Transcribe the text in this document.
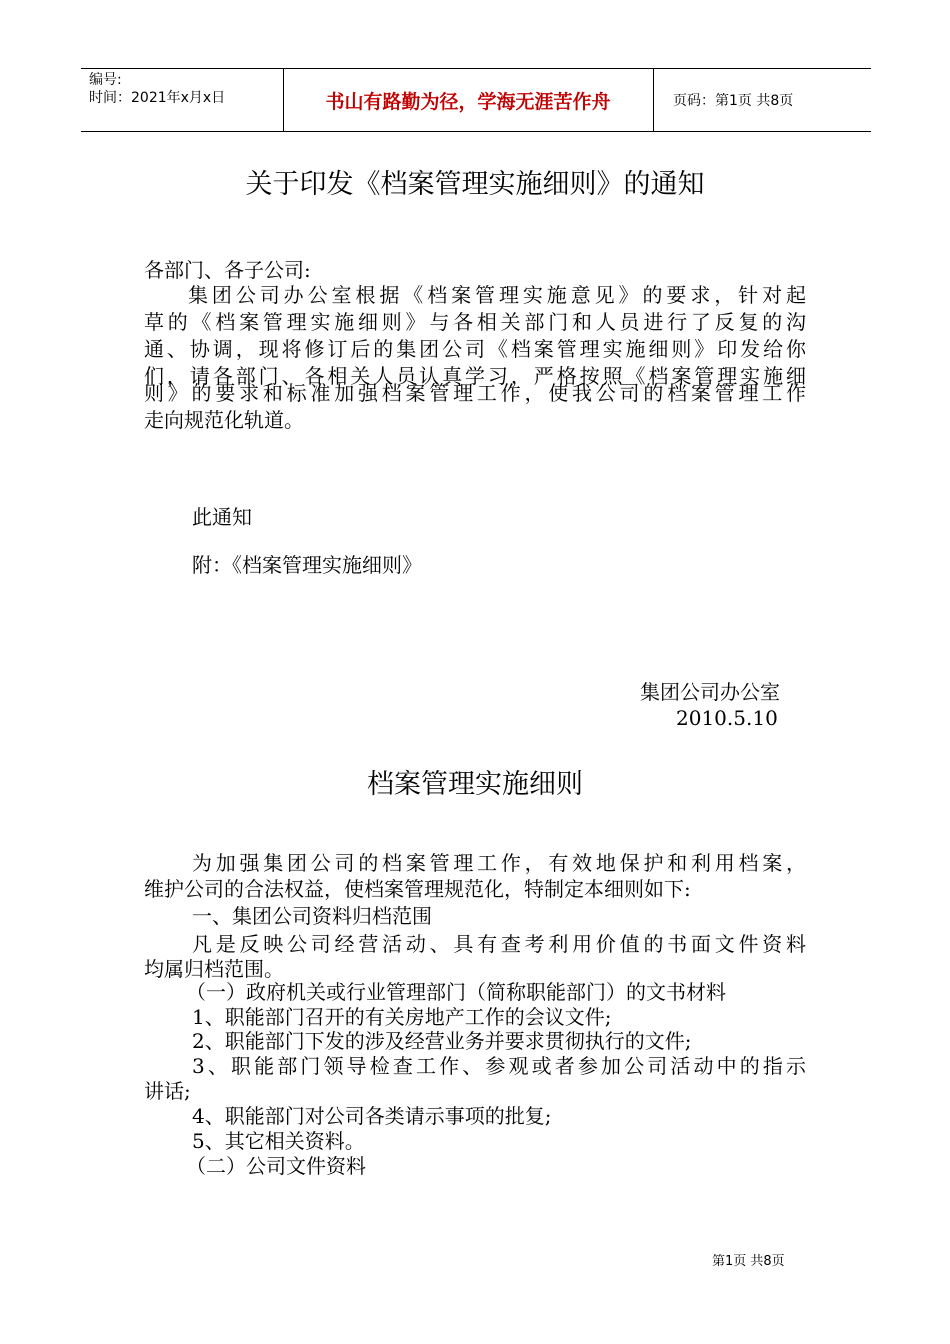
编号:
时间：2021年x月x日	书山有路勤为径，学海无涯苦作舟	页码：第1页 共8页
关于印发《档案管理实施细则》的通知
各部门、各子公司:
集团公司办公室根据《档案管理实施意见》的要求，针对起
草的《档案管理实施细则》与各相关部门和人员进行了反复的沟
通、协调，现将修订后的集团公司《档案管理实施细则》印发给你
们，请各部门、各相关人员认真学习，严格按照《档案管理实施细
则》的要求和标准加强档案管理工作，使我公司的档案管理工作
走向规范化轨道。
此通知
附：《档案管理实施细则》
集团公司办公室
2010.5.10
档案管理实施细则
为加强集团公司的档案管理工作，有效地保护和利用档案，
维护公司的合法权益，使档案管理规范化，特制定本细则如下:
一、集团公司资料归档范围
凡是反映公司经营活动、具有查考利用价值的书面文件资料
均属归档范围。
（一）政府机关或行业管理部门（简称职能部门）的文书材料
1、职能部门召开的有关房地产工作的会议文件;
2、职能部门下发的涉及经营业务并要求贯彻执行的文件;
3、职能部门领导检查工作、参观或者参加公司活动中的指示
讲话;
4、职能部门对公司各类请示事项的批复;
5、其它相关资料。
（二）公司文件资料
第1页 共8页
